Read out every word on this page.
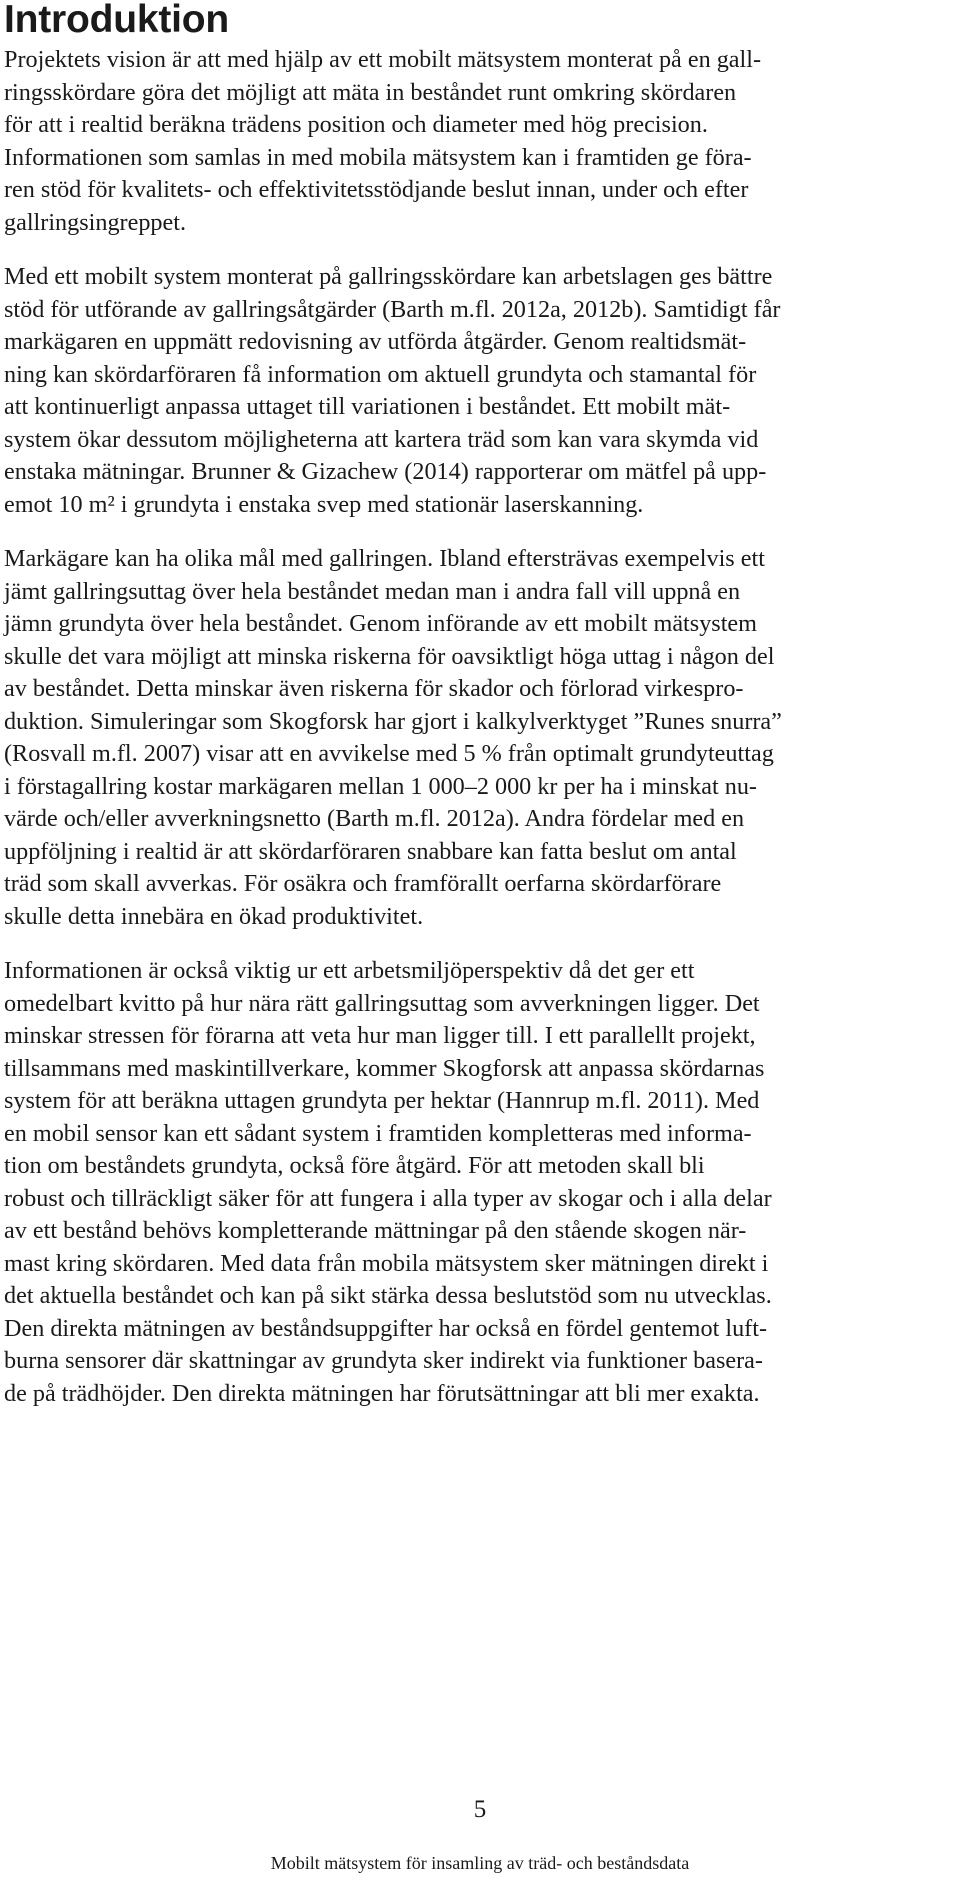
Introduktion

Projektets vision är att med hjälp av ett mobilt mätsystem monterat på en gall-
ringsskördare göra det möjligt att mäta in beståndet runt omkring skördaren
för att i realtid beräkna trädens position och diameter med hög precision.
Informationen som samlas in med mobila mätsystem kan i framtiden ge föra-
ren stöd för kvalitets- och effektivitetsstödjande beslut innan, under och efter
gallringsingreppet.

Med ett mobilt system monterat på gallringsskördare kan arbetslagen ges bättre
stöd för utförande av gallringsåtgärder (Barth m.fl. 2012a, 2012b). Samtidigt får
markägaren en uppmätt redovisning av utförda åtgärder. Genom realtidsmät-
ning kan skördarföraren få information om aktuell grundyta och stamantal för
att kontinuerligt anpassa uttaget till variationen i beståndet. Ett mobilt mät-
system ökar dessutom möjligheterna att kartera träd som kan vara skymda vid
enstaka mätningar. Brunner & Gizachew (2014) rapporterar om mätfel på upp-
emot 10 m² i grundyta i enstaka svep med stationär laserskanning.

Markägare kan ha olika mål med gallringen. Ibland eftersträvas exempelvis ett
jämt gallringsuttag över hela beståndet medan man i andra fall vill uppnå en
jämn grundyta över hela beståndet. Genom införande av ett mobilt mätsystem
skulle det vara möjligt att minska riskerna för oavsiktligt höga uttag i någon del
av beståndet. Detta minskar även riskerna för skador och förlorad virkespro-
duktion. Simuleringar som Skogforsk har gjort i kalkylverktyget ”Runes snurra”
(Rosvall m.fl. 2007) visar att en avvikelse med 5 % från optimalt grundyteuttag
i förstagallring kostar markägaren mellan 1 000–2 000 kr per ha i minskat nu-
värde och/eller avverkningsnetto (Barth m.fl. 2012a). Andra fördelar med en
uppföljning i realtid är att skördarföraren snabbare kan fatta beslut om antal
träd som skall avverkas. För osäkra och framförallt oerfarna skördarförare
skulle detta innebära en ökad produktivitet.

Informationen är också viktig ur ett arbetsmiljöperspektiv då det ger ett
omedelbart kvitto på hur nära rätt gallringsuttag som avverkningen ligger. Det
minskar stressen för förarna att veta hur man ligger till. I ett parallellt projekt,
tillsammans med maskintillverkare, kommer Skogforsk att anpassa skördarnas
system för att beräkna uttagen grundyta per hektar (Hannrup m.fl. 2011). Med
en mobil sensor kan ett sådant system i framtiden kompletteras med informa-
tion om beståndets grundyta, också före åtgärd. För att metoden skall bli
robust och tillräckligt säker för att fungera i alla typer av skogar och i alla delar
av ett bestånd behövs kompletterande mättningar på den stående skogen när-
mast kring skördaren. Med data från mobila mätsystem sker mätningen direkt i
det aktuella beståndet och kan på sikt stärka dessa beslutstöd som nu utvecklas.
Den direkta mätningen av beståndsuppgifter har också en fördel gentemot luft-
burna sensorer där skattningar av grundyta sker indirekt via funktioner basera-
de på trädhöjder. Den direkta mätningen har förutsättningar att bli mer exakta.

5
Mobilt mätsystem för insamling av träd- och beståndsdata
